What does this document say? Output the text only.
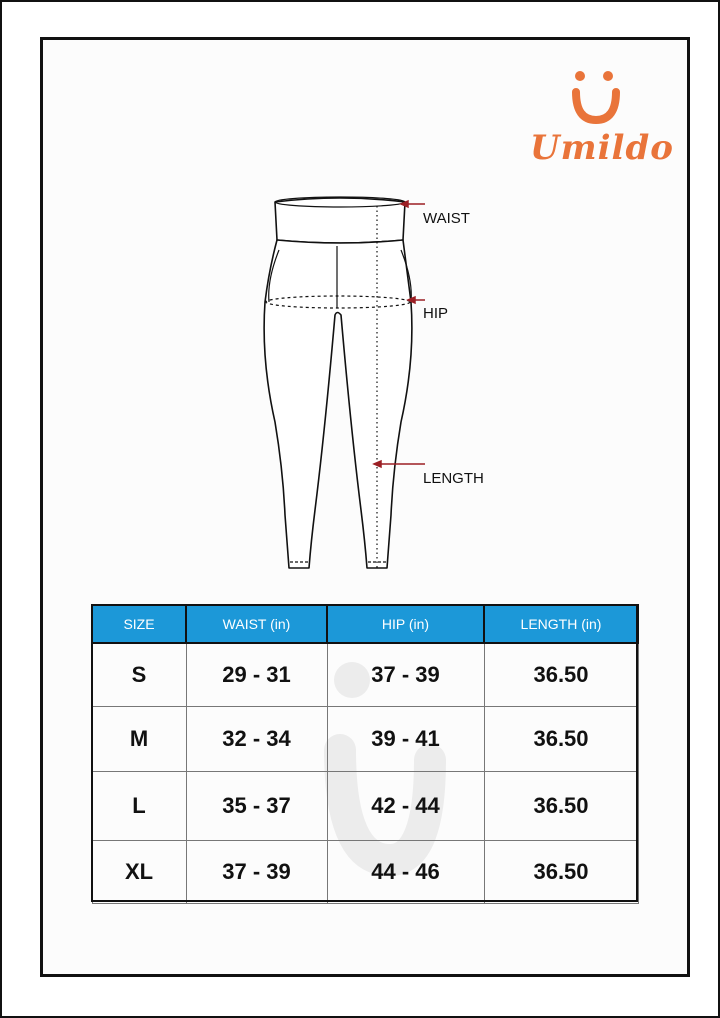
Umildo
WAIST
HIP
LENGTH
SIZE	WAIST (in)	HIP (in)	LENGTH (in)
S	29 - 31	37 - 39	36.50
M	32 - 34	39 - 41	36.50
L	35 - 37	42 - 44	36.50
XL	37 - 39	44 - 46	36.50
